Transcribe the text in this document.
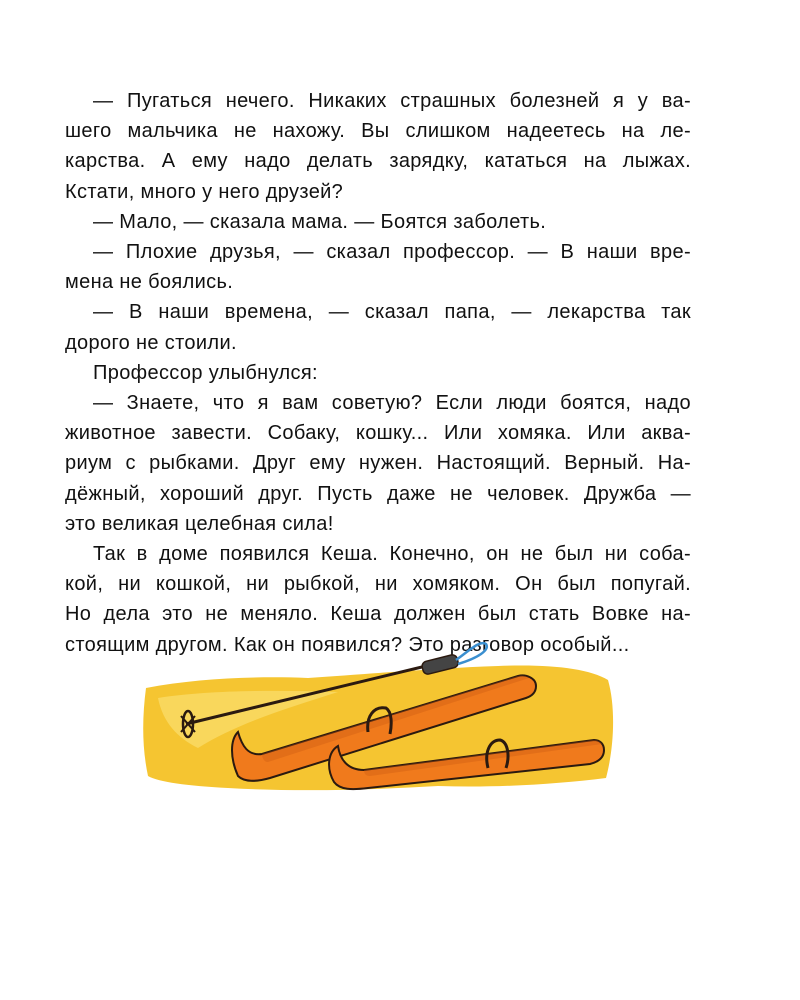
— Пугаться нечего. Никаких страшных болезней я у ва-
шего мальчика не нахожу. Вы слишком надеетесь на ле-
карства. А ему надо делать зарядку, кататься на лыжах.
Кстати, много у него друзей?
— Мало, — сказала мама. — Боятся заболеть.
— Плохие друзья, — сказал профессор. — В наши вре-
мена не боялись.
— В наши времена, — сказал папа, — лекарства так
дорого не стоили.
Профессор улыбнулся:
— Знаете, что я вам советую? Если люди боятся, надо
животное завести. Собаку, кошку... Или хомяка. Или аква-
риум с рыбками. Друг ему нужен. Настоящий. Верный. На-
дёжный, хороший друг. Пусть даже не человек. Дружба —
это великая целебная сила!
Так в доме появился Кеша. Конечно, он не был ни соба-
кой, ни кошкой, ни рыбкой, ни хомяком. Он был попугай.
Но дела это не меняло. Кеша должен был стать Вовке на-
стоящим другом. Как он появился? Это разговор особый...
